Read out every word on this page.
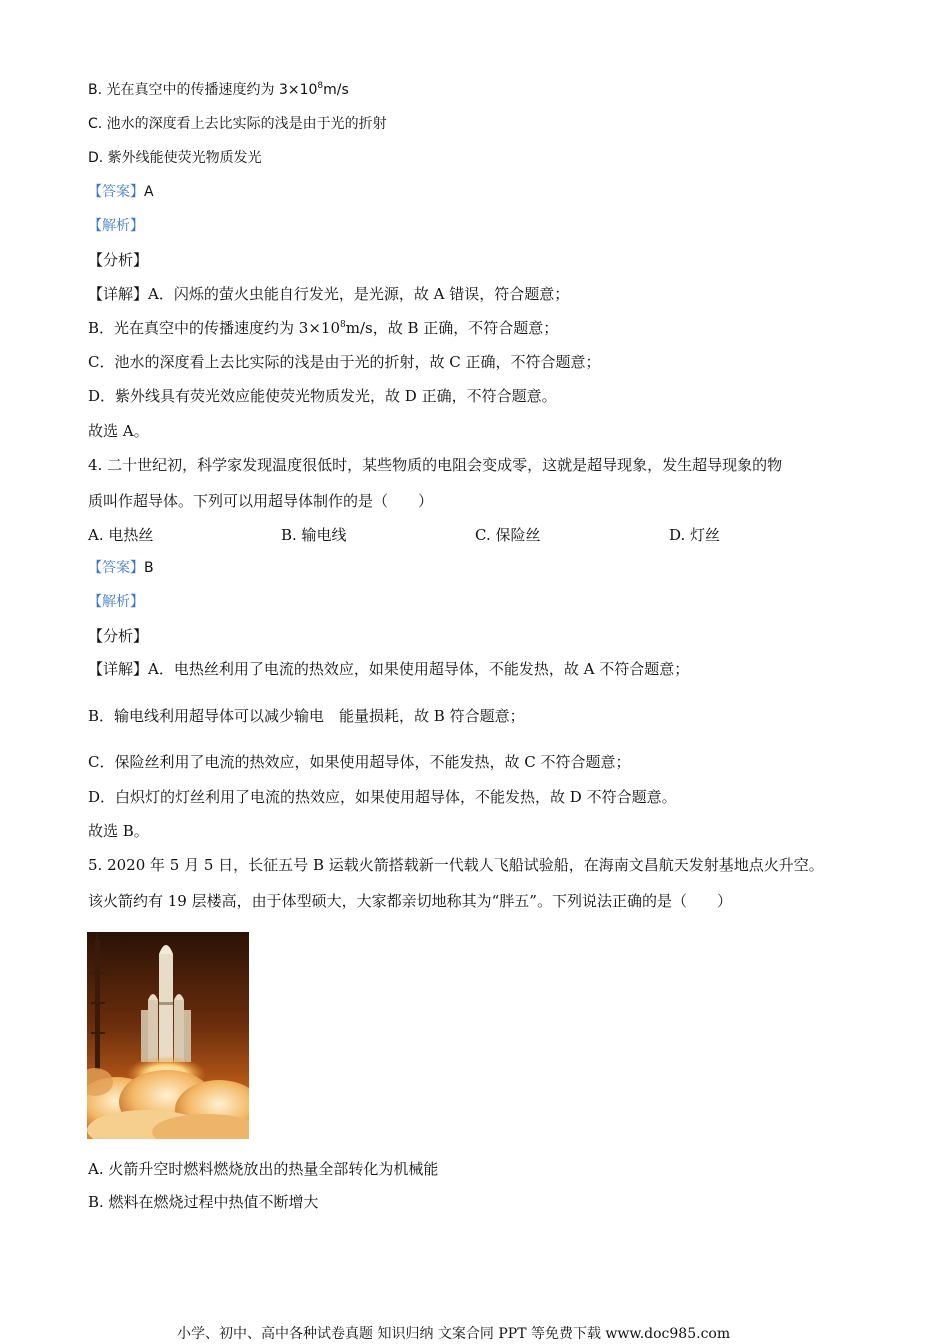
B. 光在真空中的传播速度约为 $3\times 10^8m/s$
C. 池水的深度看上去比实际的浅是由于光的折射
D. 紫外线能使荧光物质发光
【答案】A
【解析】
【分析】
【详解】A．闪烁的萤火虫能自行发光，是光源，故 A 错误，符合题意；
B．光在真空中的传播速度约为 $3\times 10^8m/s$，故 B 正确，不符合题意；
C．池水的深度看上去比实际的浅是由于光的折射，故 C 正确，不符合题意；
D．紫外线具有荧光效应能使荧光物质发光，故 D 正确，不符合题意。
故选 A。
4. 二十世纪初，科学家发现温度很低时，某些物质的电阻会变成零，这就是超导现象，发生超导现象的物
质叫作超导体。下列可以用超导体制作的是（　　）
A. 电热丝	B. 输电线	C. 保险丝	D. 灯丝
【答案】B
【解析】
【分析】
【详解】A．电热丝利用了电流的热效应，如果使用超导体，不能发热，故 A 不符合题意；
B．输电线利用超导体可以减少输电　能量损耗，故 B 符合题意；
C．保险丝利用了电流的热效应，如果使用超导体，不能发热，故 C 不符合题意；
D．白炽灯的灯丝利用了电流的热效应，如果使用超导体，不能发热，故 D 不符合题意。
故选 B。
5. 2020 年 5 月 5 日，长征五号 B 运载火箭搭载新一代载人飞船试验船，在海南文昌航天发射基地点火升空。
该火箭约有 19 层楼高，由于体型硕大，大家都亲切地称其为“胖五”。下列说法正确的是（　　）
A. 火箭升空时燃料燃烧放出的热量全部转化为机械能
B. 燃料在燃烧过程中热值不断增大
小学、初中、高中各种试卷真题 知识归纳 文案合同 PPT 等免费下载 www.doc985.com
